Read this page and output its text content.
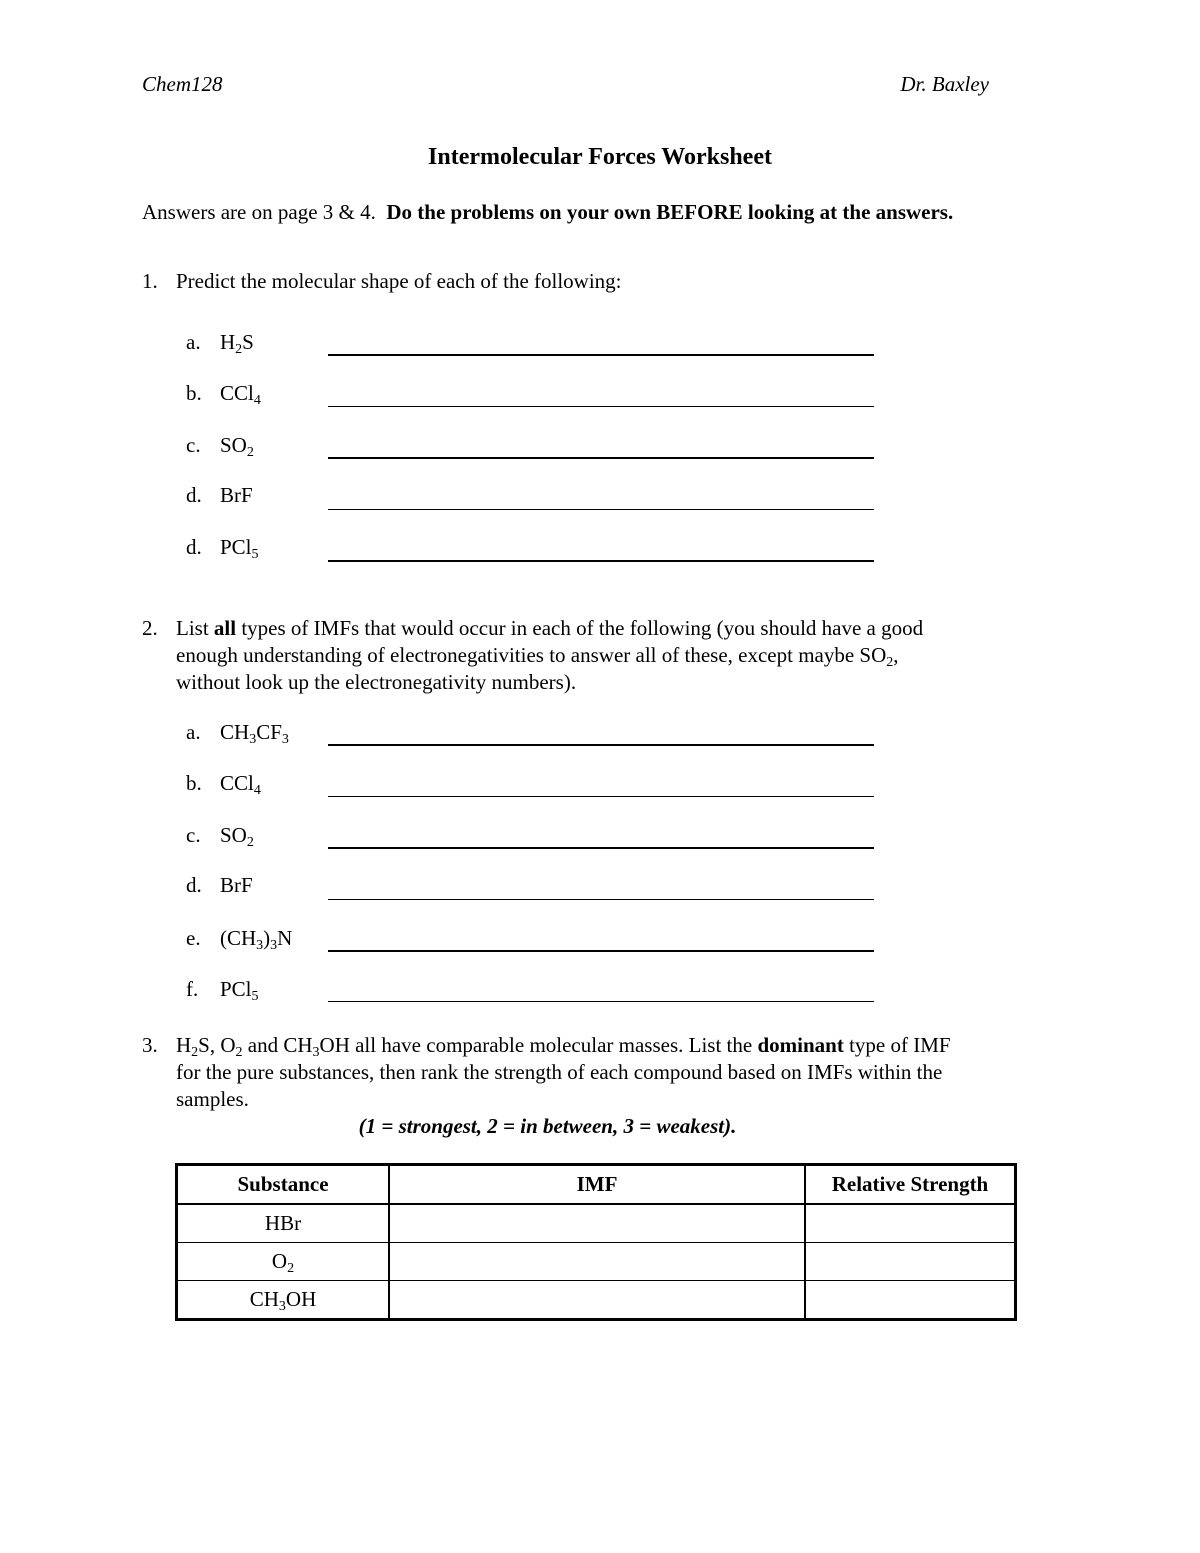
Chem128	Dr. Baxley
Intermolecular Forces Worksheet
Answers are on page 3 & 4. Do the problems on your own BEFORE looking at the answers.
1. Predict the molecular shape of each of the following:
a. $H_2S$
b. CCl$_4$
c. $SO_2$
d. BrF
d. PCl$_5$
2. List all types of IMFs that would occur in each of the following (you should have a good
enough understanding of electronegativities to answer all of these, except maybe $SO_2$,
without look up the electronegativity numbers).
a. $CH_3CF_3$
b. CCl$_4$
c. $SO_2$
d. BrF
e. $(CH_3)_3N$
f. PCl$_5$
3. $H_2S$, $O_2$ and $CH_3OH$ all have comparable molecular masses. List the dominant type of IMF
for the pure substances, then rank the strength of each compound based on IMFs within the
samples.
(1 = strongest, 2 = in between, 3 = weakest).
Substance	IMF	Relative Strength
HBr		
$O_2$		
$CH_3OH$		
